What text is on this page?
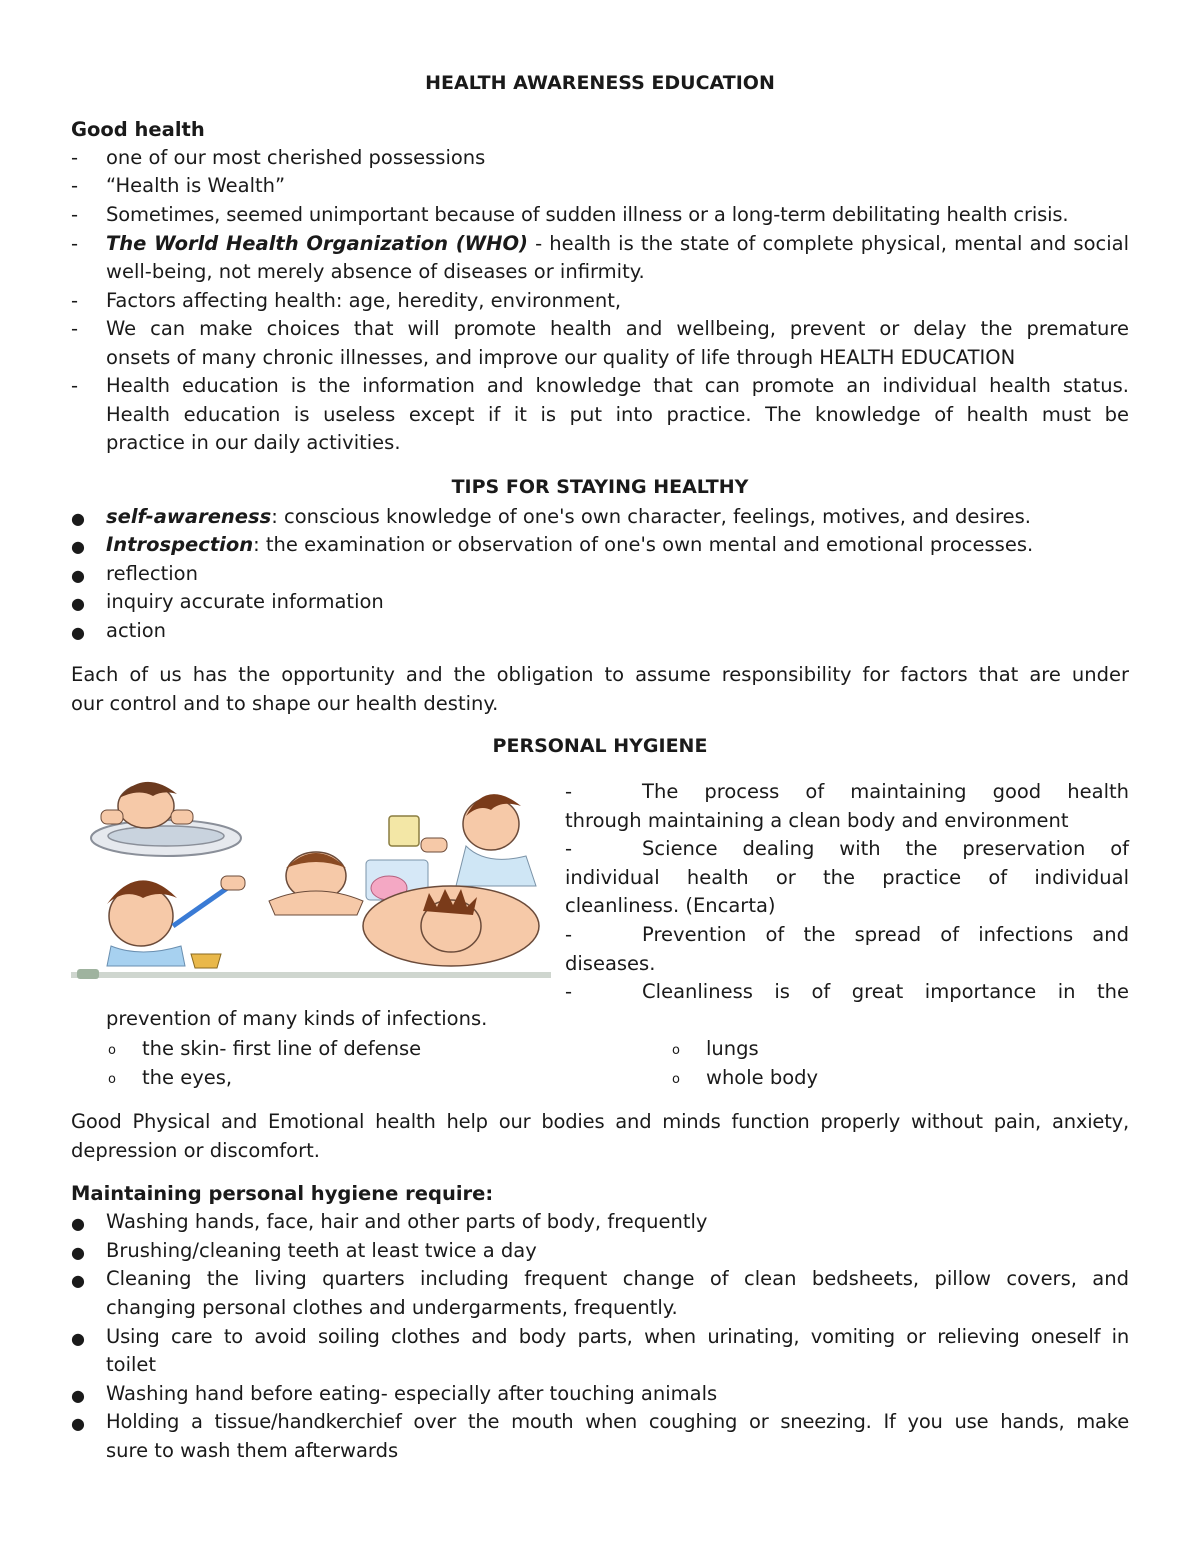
HEALTH AWARENESS EDUCATION
Good health
- one of our most cherished possessions
- “Health is Wealth”
- Sometimes, seemed unimportant because of sudden illness or a long-term debilitating health crisis.
- The World Health Organization (WHO) - health is the state of complete physical, mental and social
well-being, not merely absence of diseases or infirmity.
- Factors affecting health: age, heredity, environment,
- We can make choices that will promote health and wellbeing, prevent or delay the premature
onsets of many chronic illnesses, and improve our quality of life through HEALTH EDUCATION
- Health education is the information and knowledge that can promote an individual health status.
Health education is useless except if it is put into practice. The knowledge of health must be
practice in our daily activities.
TIPS FOR STAYING HEALTHY
● self-awareness: conscious knowledge of one's own character, feelings, motives, and desires.
● Introspection: the examination or observation of one's own mental and emotional processes.
● reflection
● inquiry accurate information
● action
Each of us has the opportunity and the obligation to assume responsibility for factors that are under
our control and to shape our health destiny.
PERSONAL HYGIENE
-	The process of maintaining good health
through maintaining a clean body and environment
-	Science dealing with the preservation of
individual health or the practice of individual
cleanliness. (Encarta)
-	Prevention of the spread of infections and
diseases.
-	Cleanliness is of great importance in the
prevention of many kinds of infections.
o the skin- first line of defense
o the eyes,
o lungs
o whole body
Good Physical and Emotional health help our bodies and minds function properly without pain, anxiety,
depression or discomfort.
Maintaining personal hygiene require:
● Washing hands, face, hair and other parts of body, frequently
● Brushing/cleaning teeth at least twice a day
● Cleaning the living quarters including frequent change of clean bedsheets, pillow covers, and
changing personal clothes and undergarments, frequently.
● Using care to avoid soiling clothes and body parts, when urinating, vomiting or relieving oneself in
toilet
● Washing hand before eating- especially after touching animals
● Holding a tissue/handkerchief over the mouth when coughing or sneezing. If you use hands, make
sure to wash them afterwards
